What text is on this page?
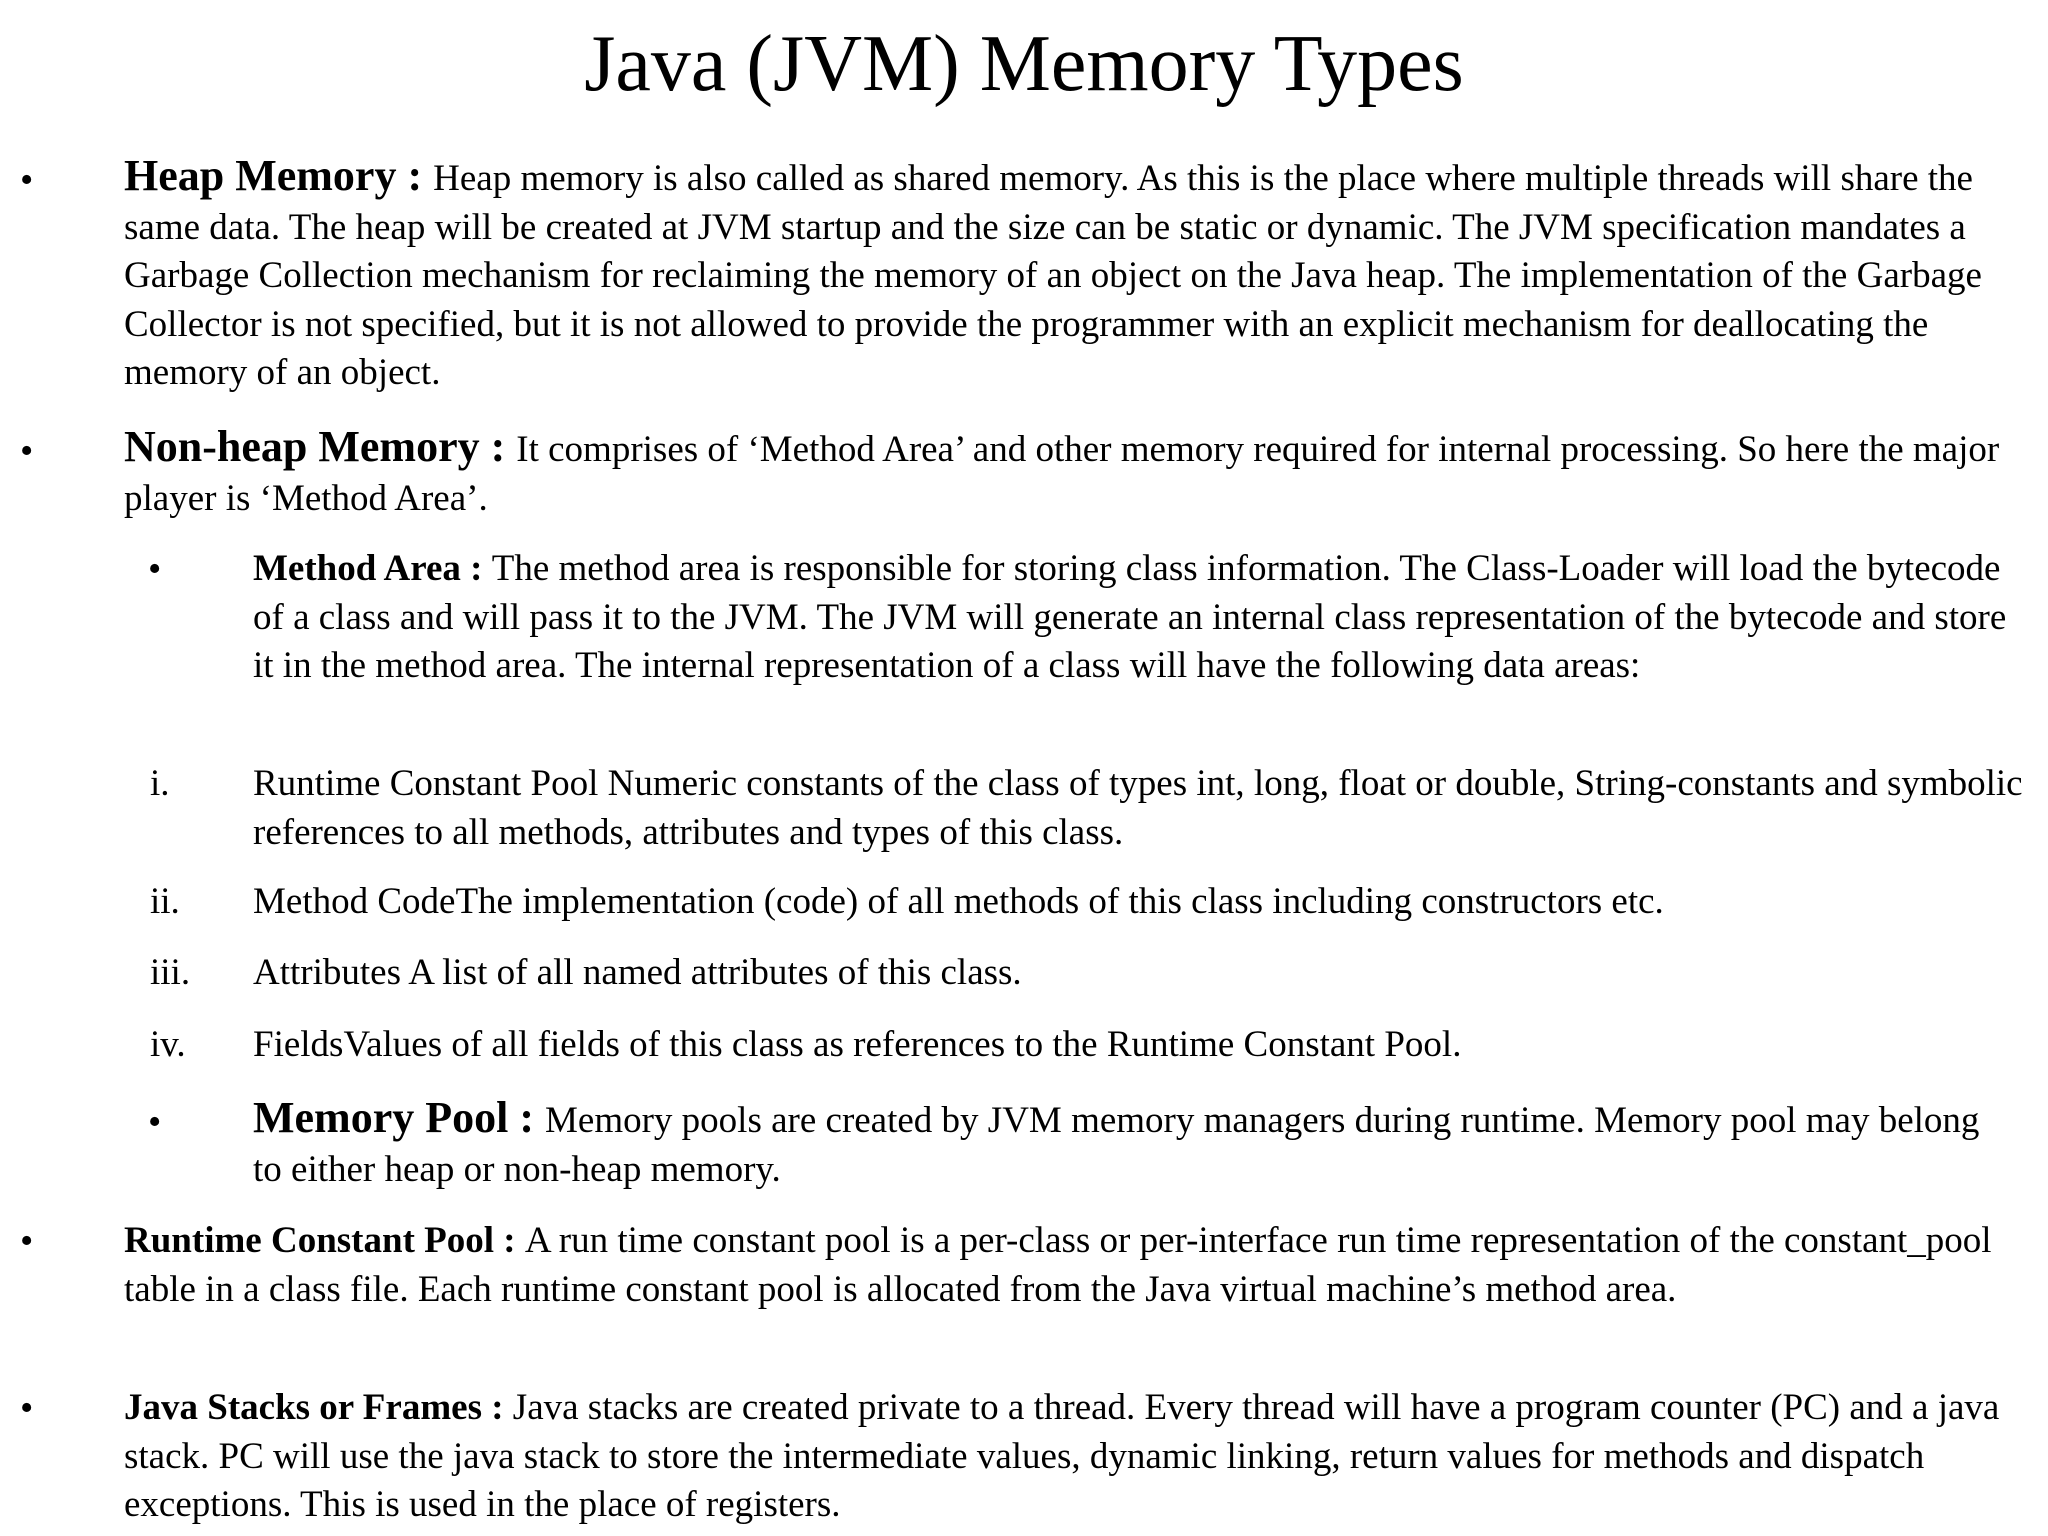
Java (JVM) Memory Types
• Heap Memory : Heap memory is also called as shared memory. As this is the place where multiple threads will share the same data. The heap will be created at JVM startup and the size can be static or dynamic. The JVM specification mandates a Garbage Collection mechanism for reclaiming the memory of an object on the Java heap. The implementation of the Garbage Collector is not specified, but it is not allowed to provide the programmer with an explicit mechanism for deallocating the memory of an object.
• Non-heap Memory : It comprises of ‘Method Area’ and other memory required for internal processing. So here the major player is ‘Method Area’.
• Method Area : The method area is responsible for storing class information. The Class-Loader will load the bytecode of a class and will pass it to the JVM. The JVM will generate an internal class representation of the bytecode and store it in the method area. The internal representation of a class will have the following data areas:
i. Runtime Constant Pool Numeric constants of the class of types int, long, float or double, String-constants and symbolic references to all methods, attributes and types of this class.
ii. Method CodeThe implementation (code) of all methods of this class including constructors etc.
iii. Attributes A list of all named attributes of this class.
iv. FieldsValues of all fields of this class as references to the Runtime Constant Pool.
• Memory Pool : Memory pools are created by JVM memory managers during runtime. Memory pool may belong to either heap or non-heap memory.
• Runtime Constant Pool : A run time constant pool is a per-class or per-interface run time representation of the constant_pool table in a class file. Each runtime constant pool is allocated from the Java virtual machine’s method area.
• Java Stacks or Frames : Java stacks are created private to a thread. Every thread will have a program counter (PC) and a java stack. PC will use the java stack to store the intermediate values, dynamic linking, return values for methods and dispatch exceptions. This is used in the place of registers.
